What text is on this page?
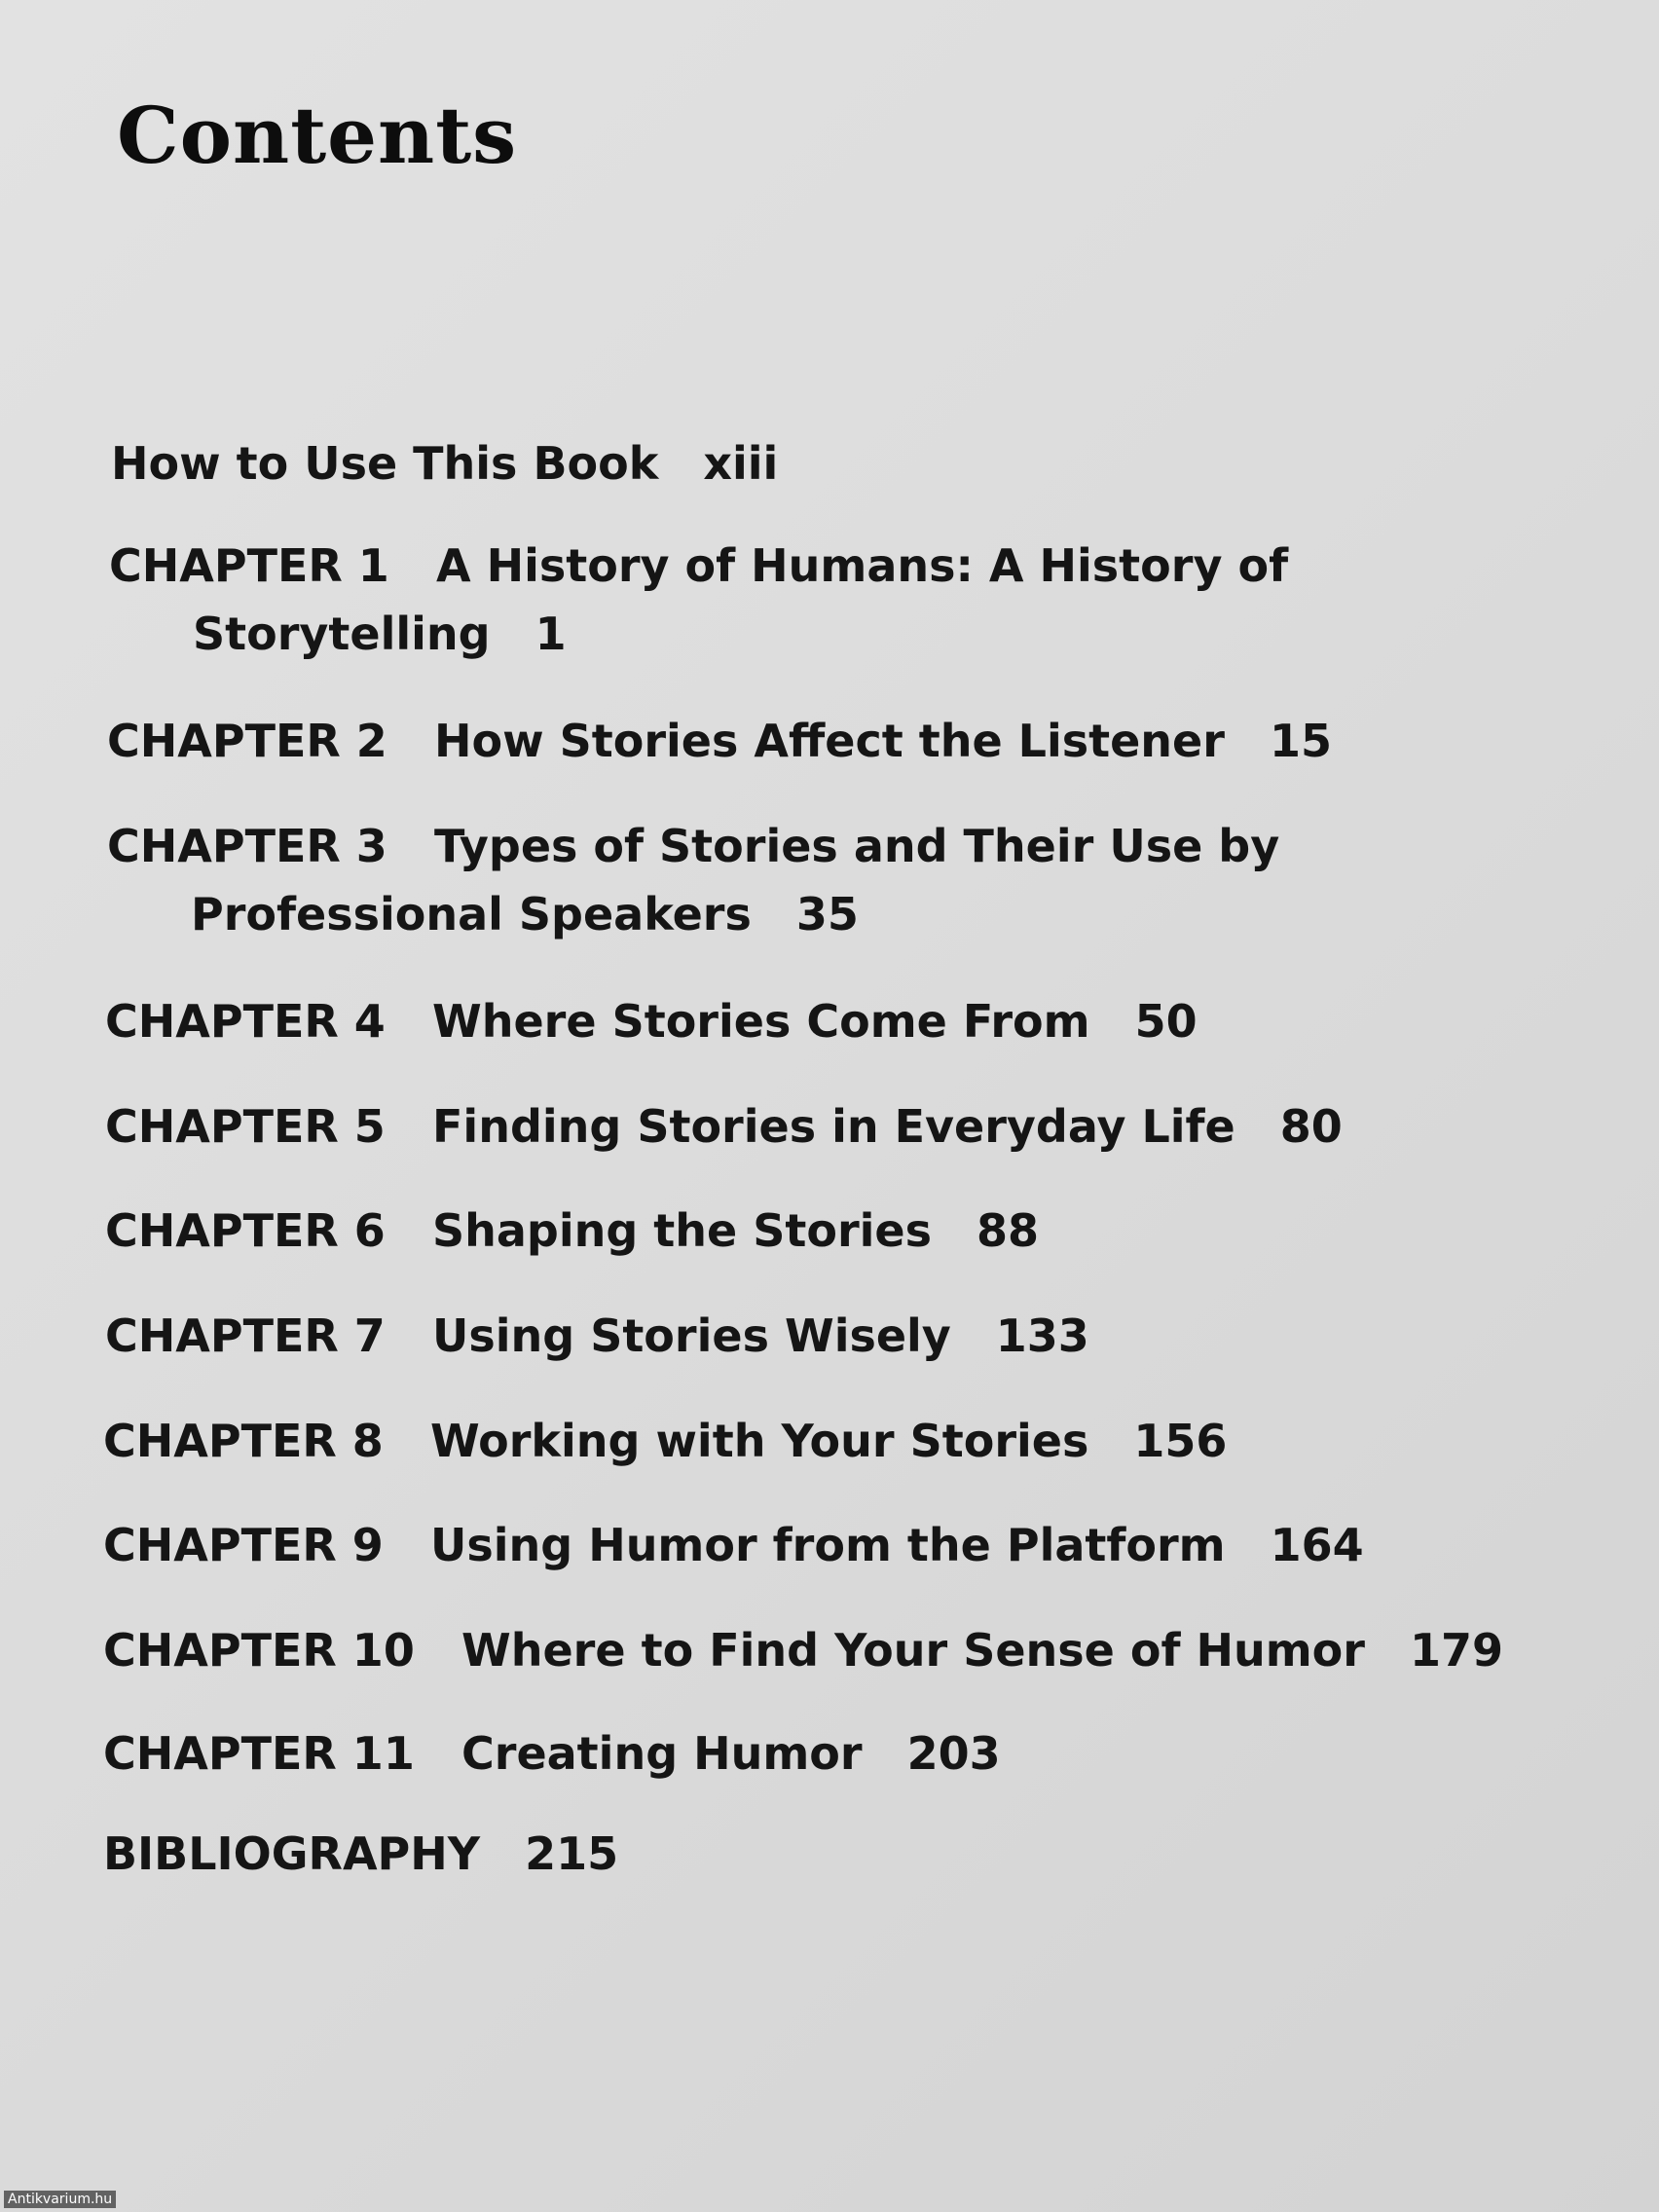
Contents
How to Use This Book xiii
CHAPTER 1 A History of Humans: A History of
Storytelling 1
CHAPTER 2 How Stories Affect the Listener 15
CHAPTER 3 Types of Stories and Their Use by
Professional Speakers 35
CHAPTER 4 Where Stories Come From 50
CHAPTER 5 Finding Stories in Everyday Life 80
CHAPTER 6 Shaping the Stories 88
CHAPTER 7 Using Stories Wisely 133
CHAPTER 8 Working with Your Stories 156
CHAPTER 9 Using Humor from the Platform 164
CHAPTER 10 Where to Find Your Sense of Humor 179
CHAPTER 11 Creating Humor 203
BIBLIOGRAPHY 215
Antikvarium.hu
